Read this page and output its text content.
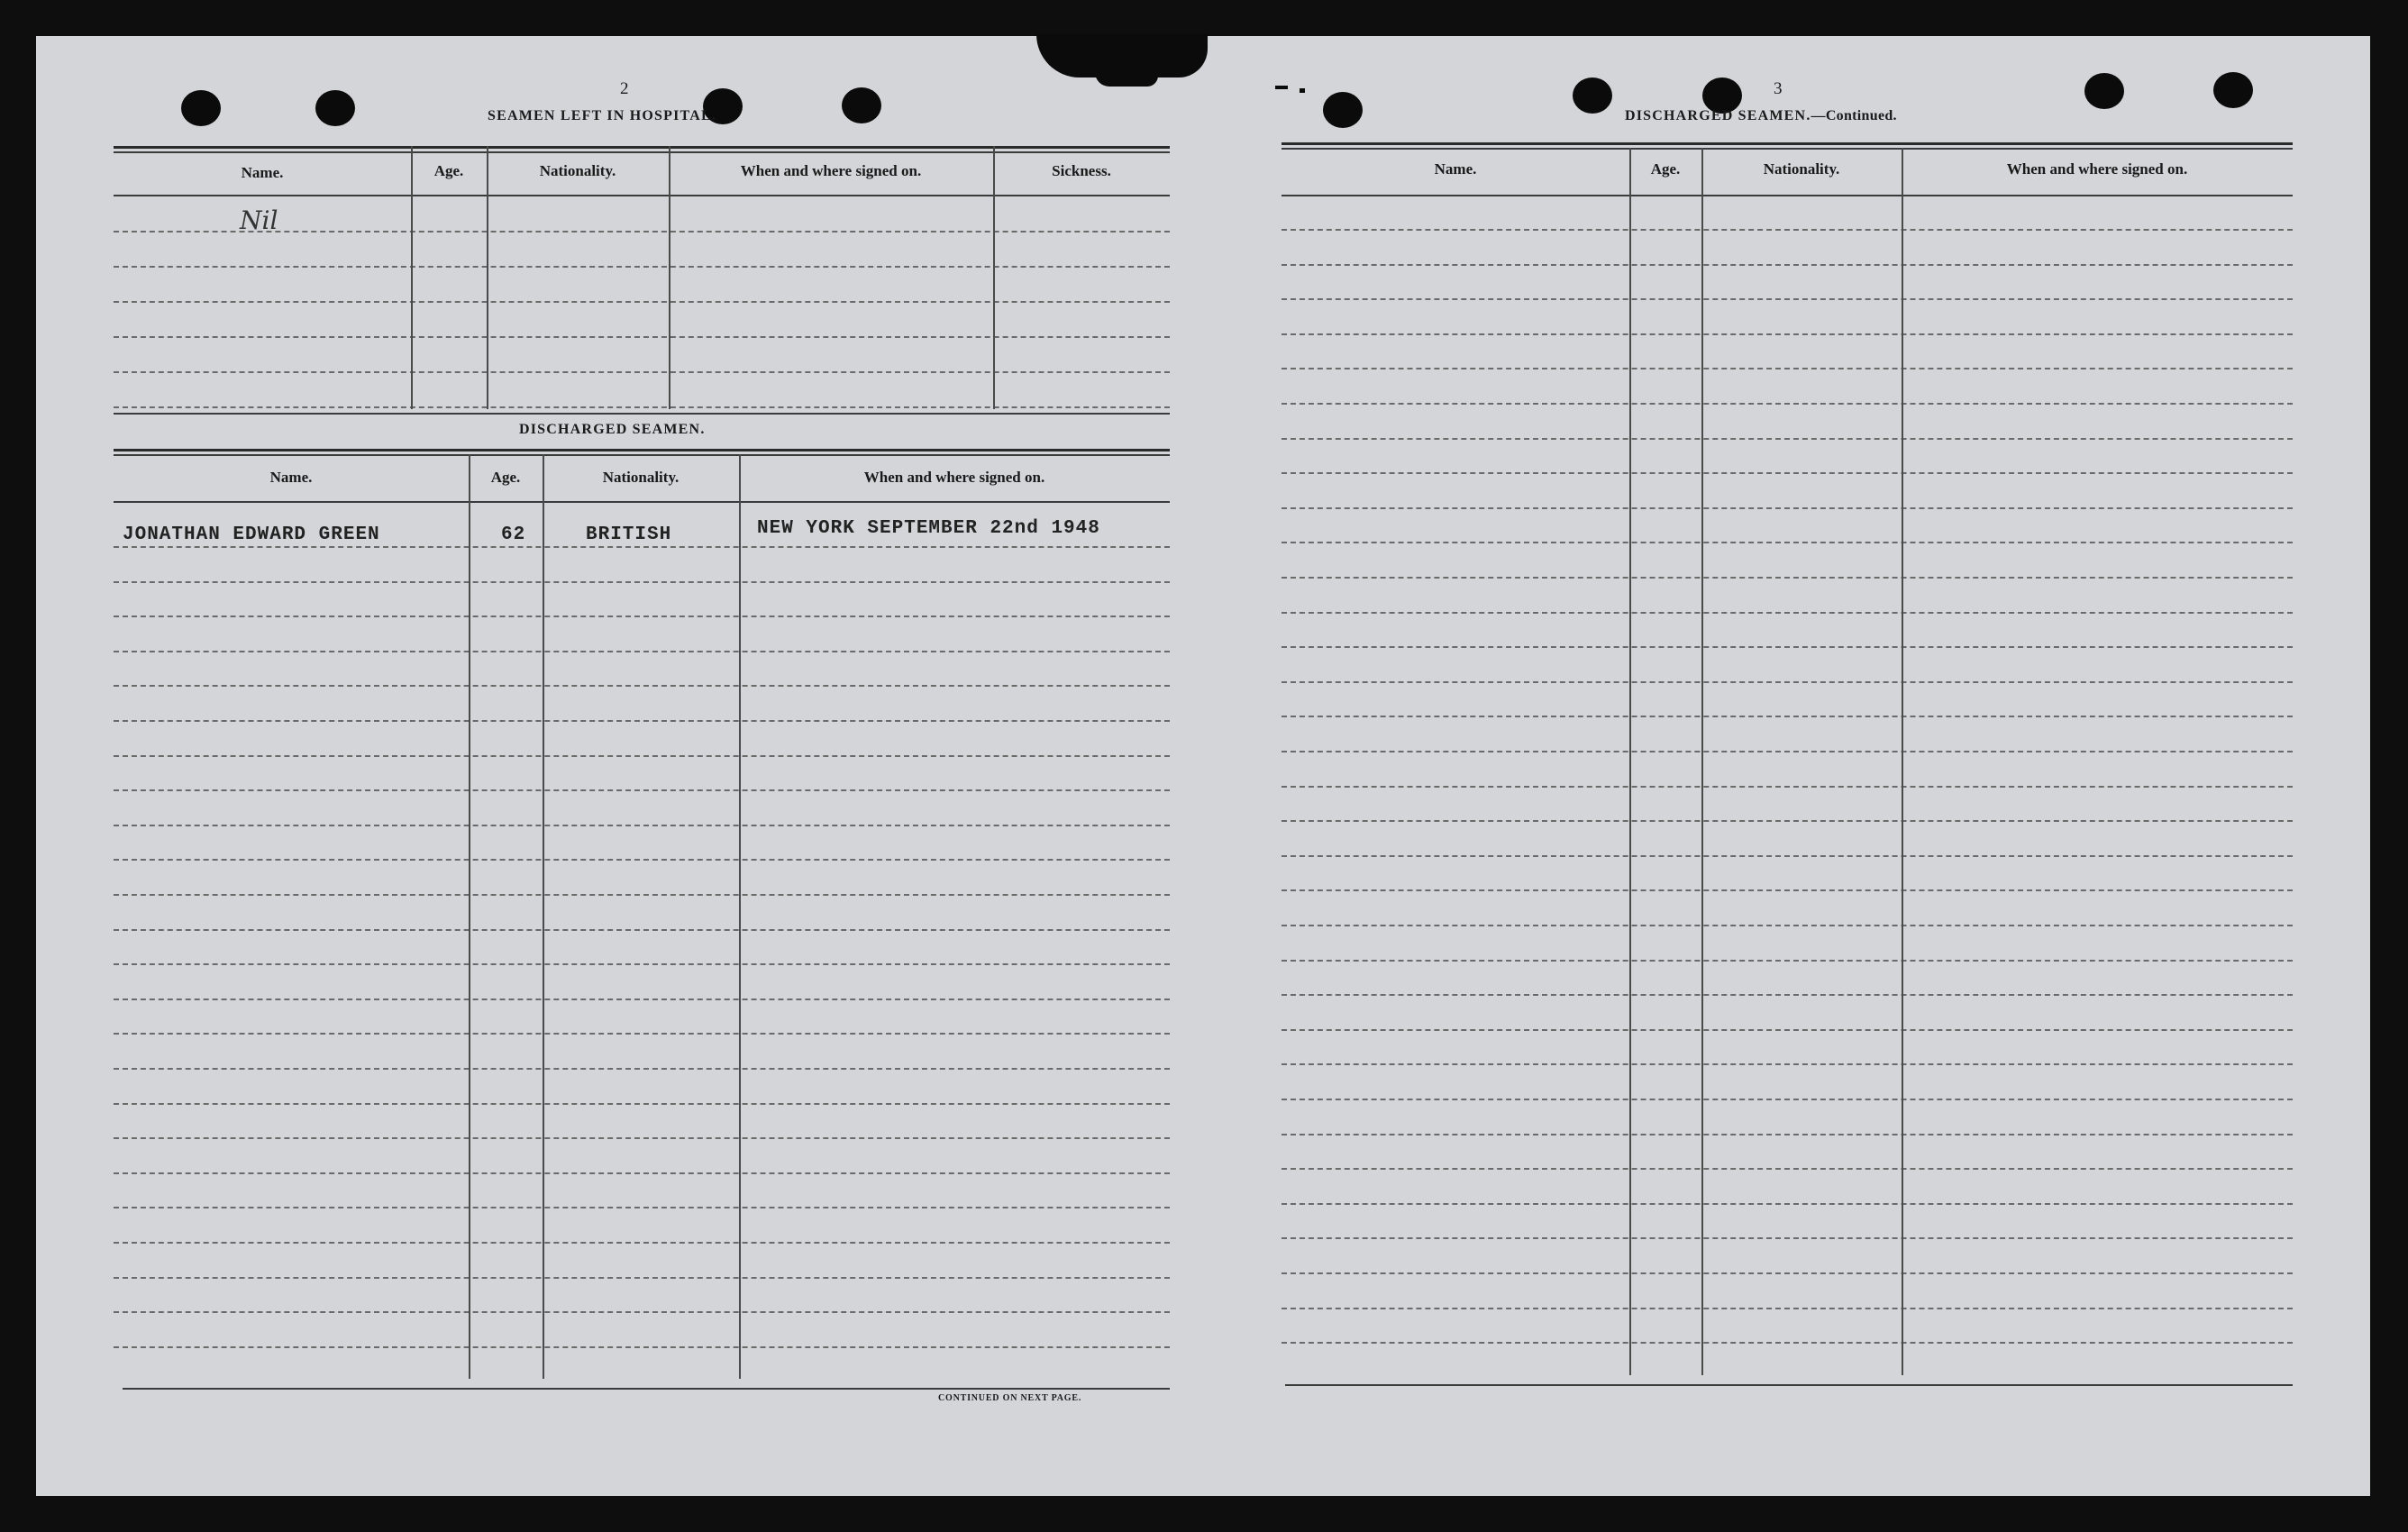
2
SEAMEN LEFT IN HOSPITAL.
Name.	Age.	Nationality.	When and where signed on.	Sickness.
Nil
DISCHARGED SEAMEN.
Name.	Age.	Nationality.	When and where signed on.
JONATHAN EDWARD GREEN	62	BRITISH	NEW YORK SEPTEMBER 22nd 1948
CONTINUED ON NEXT PAGE.
3
DISCHARGED SEAMEN.—Continued.
Name.	Age.	Nationality.	When and where signed on.
